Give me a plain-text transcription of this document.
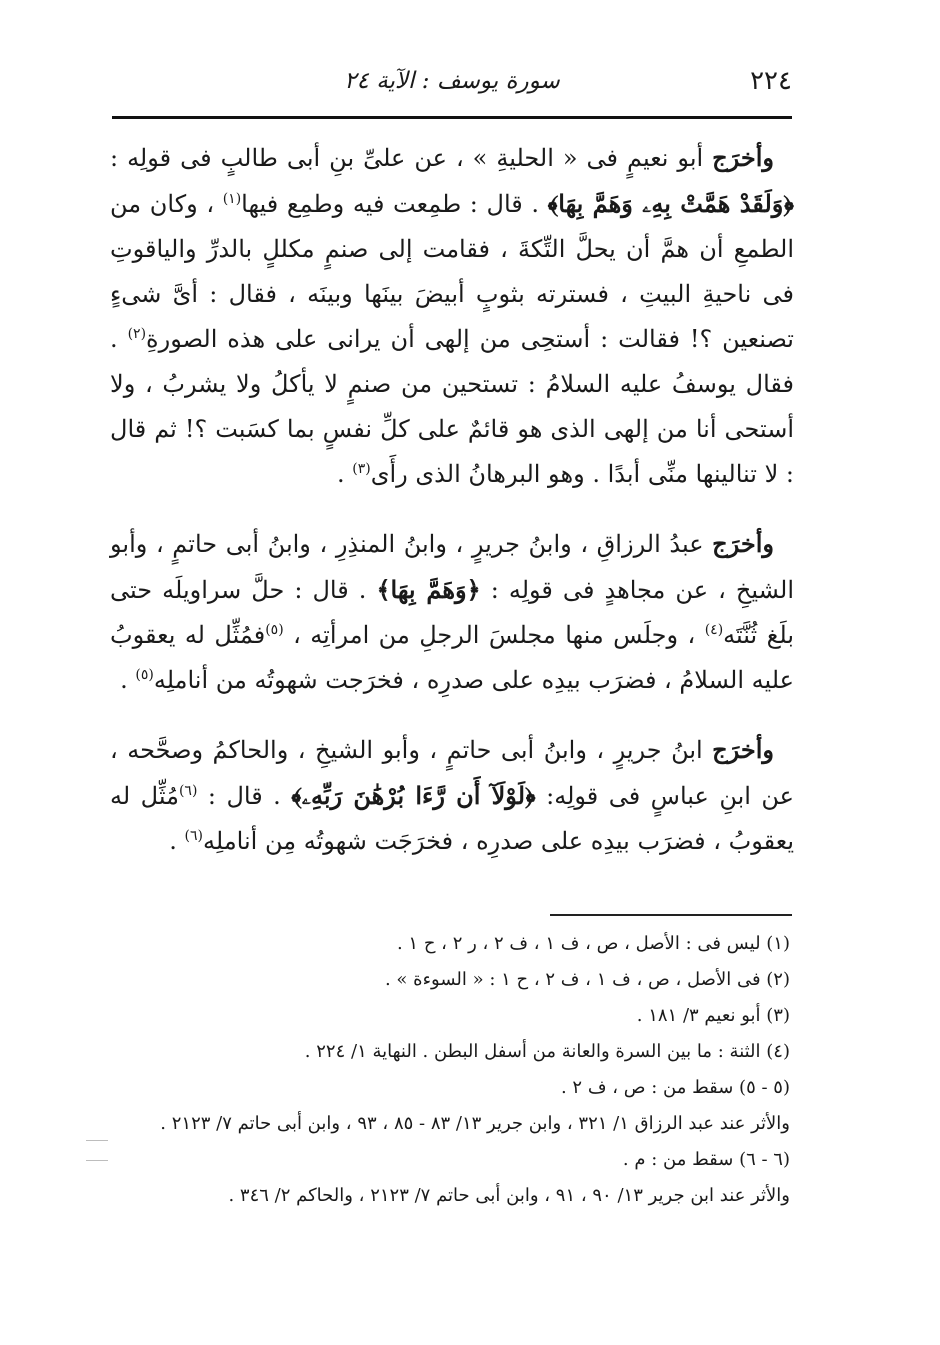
٢٢٤
سورة يوسف : الآية ٢٤

وأخرَج أبو نعيمٍ فى « الحليةِ » ، عن علىِّ بنِ أبى طالبٍ فى قولِه : ﴿وَلَقَدْ هَمَّتْ بِهِۦ وَهَمَّ بِهَا﴾ . قال : طمِعت فيه وطمِع فيها$^{(١)}$ ، وكان من الطمعِ أن همَّ أن يحلَّ التِّكةَ ، فقامت إلى صنمٍ مكللٍ بالدرِّ والياقوتِ فى ناحيةِ البيتِ ، فسترته بثوبٍ أبيضَ بينَها وبينَه ، فقال : أىَّ شىءٍ تصنعين ؟! فقالت : أستحِى من إلهى أن يرانى على هذه الصورةِ$^{(٢)}$ . فقال يوسفُ عليه السلامُ : تستحين من صنمٍ لا يأكلُ ولا يشربُ ، ولا أستحى أنا من إلهى الذى هو قائمٌ على كلِّ نفسٍ بما كسَبت ؟! ثم قال : لا تنالينها منِّى أبدًا . وهو البرهانُ الذى رأَى$^{(٣)}$ .

وأخرَج عبدُ الرزاقِ ، وابنُ جريرٍ ، وابنُ المنذِرِ ، وابنُ أبى حاتمٍ ، وأبو الشيخِ ، عن مجاهدٍ فى قولِه : ﴿وَهَمَّ بِهَا﴾ . قال : حلَّ سراويلَه حتى بلَغ ثُنَّتَه$^{(٤)}$ ، وجلَس منها مجلسَ الرجلِ من امرأتِه ، $^{(٥)}$فمُثِّل له يعقوبُ عليه السلامُ ، فضرَب بيدِه على صدرِه ، فخرَجت شهوتُه من أناملِه$^{(٥)}$ .

وأخرَج ابنُ جريرٍ ، وابنُ أبى حاتمٍ ، وأبو الشيخِ ، والحاكمُ وصحَّحه ، عن ابنِ عباسٍ فى قولِه: ﴿لَوْلَآ أَن رَّءَا بُرْهَٰنَ رَبِّهِۦ﴾ . قال : $^{(٦)}$مُثِّل له يعقوبُ ، فضرَب بيدِه على صدرِه ، فخرَجَت شهوتُه مِن أناملِه$^{(٦)}$ .

(١) ليس فى : الأصل ، ص ، ف ١ ، ف ٢ ، ر ٢ ، ح ١ .

(٢) فى الأصل ، ص ، ف ١ ، ف ٢ ، ح ١ : « السوءة » .

(٣) أبو نعيم ٣/ ١٨١ .

(٤) الثنة : ما بين السرة والعانة من أسفل البطن . النهاية ١/ ٢٢٤ .

(٥ - ٥) سقط من : ص ، ف ٢ .

والأثر عند عبد الرزاق ١/ ٣٢١ ، وابن جرير ١٣/ ٨٣ - ٨٥ ، ٩٣ ، وابن أبى حاتم ٧/ ٢١٢٣ .

(٦ - ٦) سقط من : م .

والأثر عند ابن جرير ١٣/ ٩٠ ، ٩١ ، وابن أبى حاتم ٧/ ٢١٢٣ ، والحاكم ٢/ ٣٤٦ .
